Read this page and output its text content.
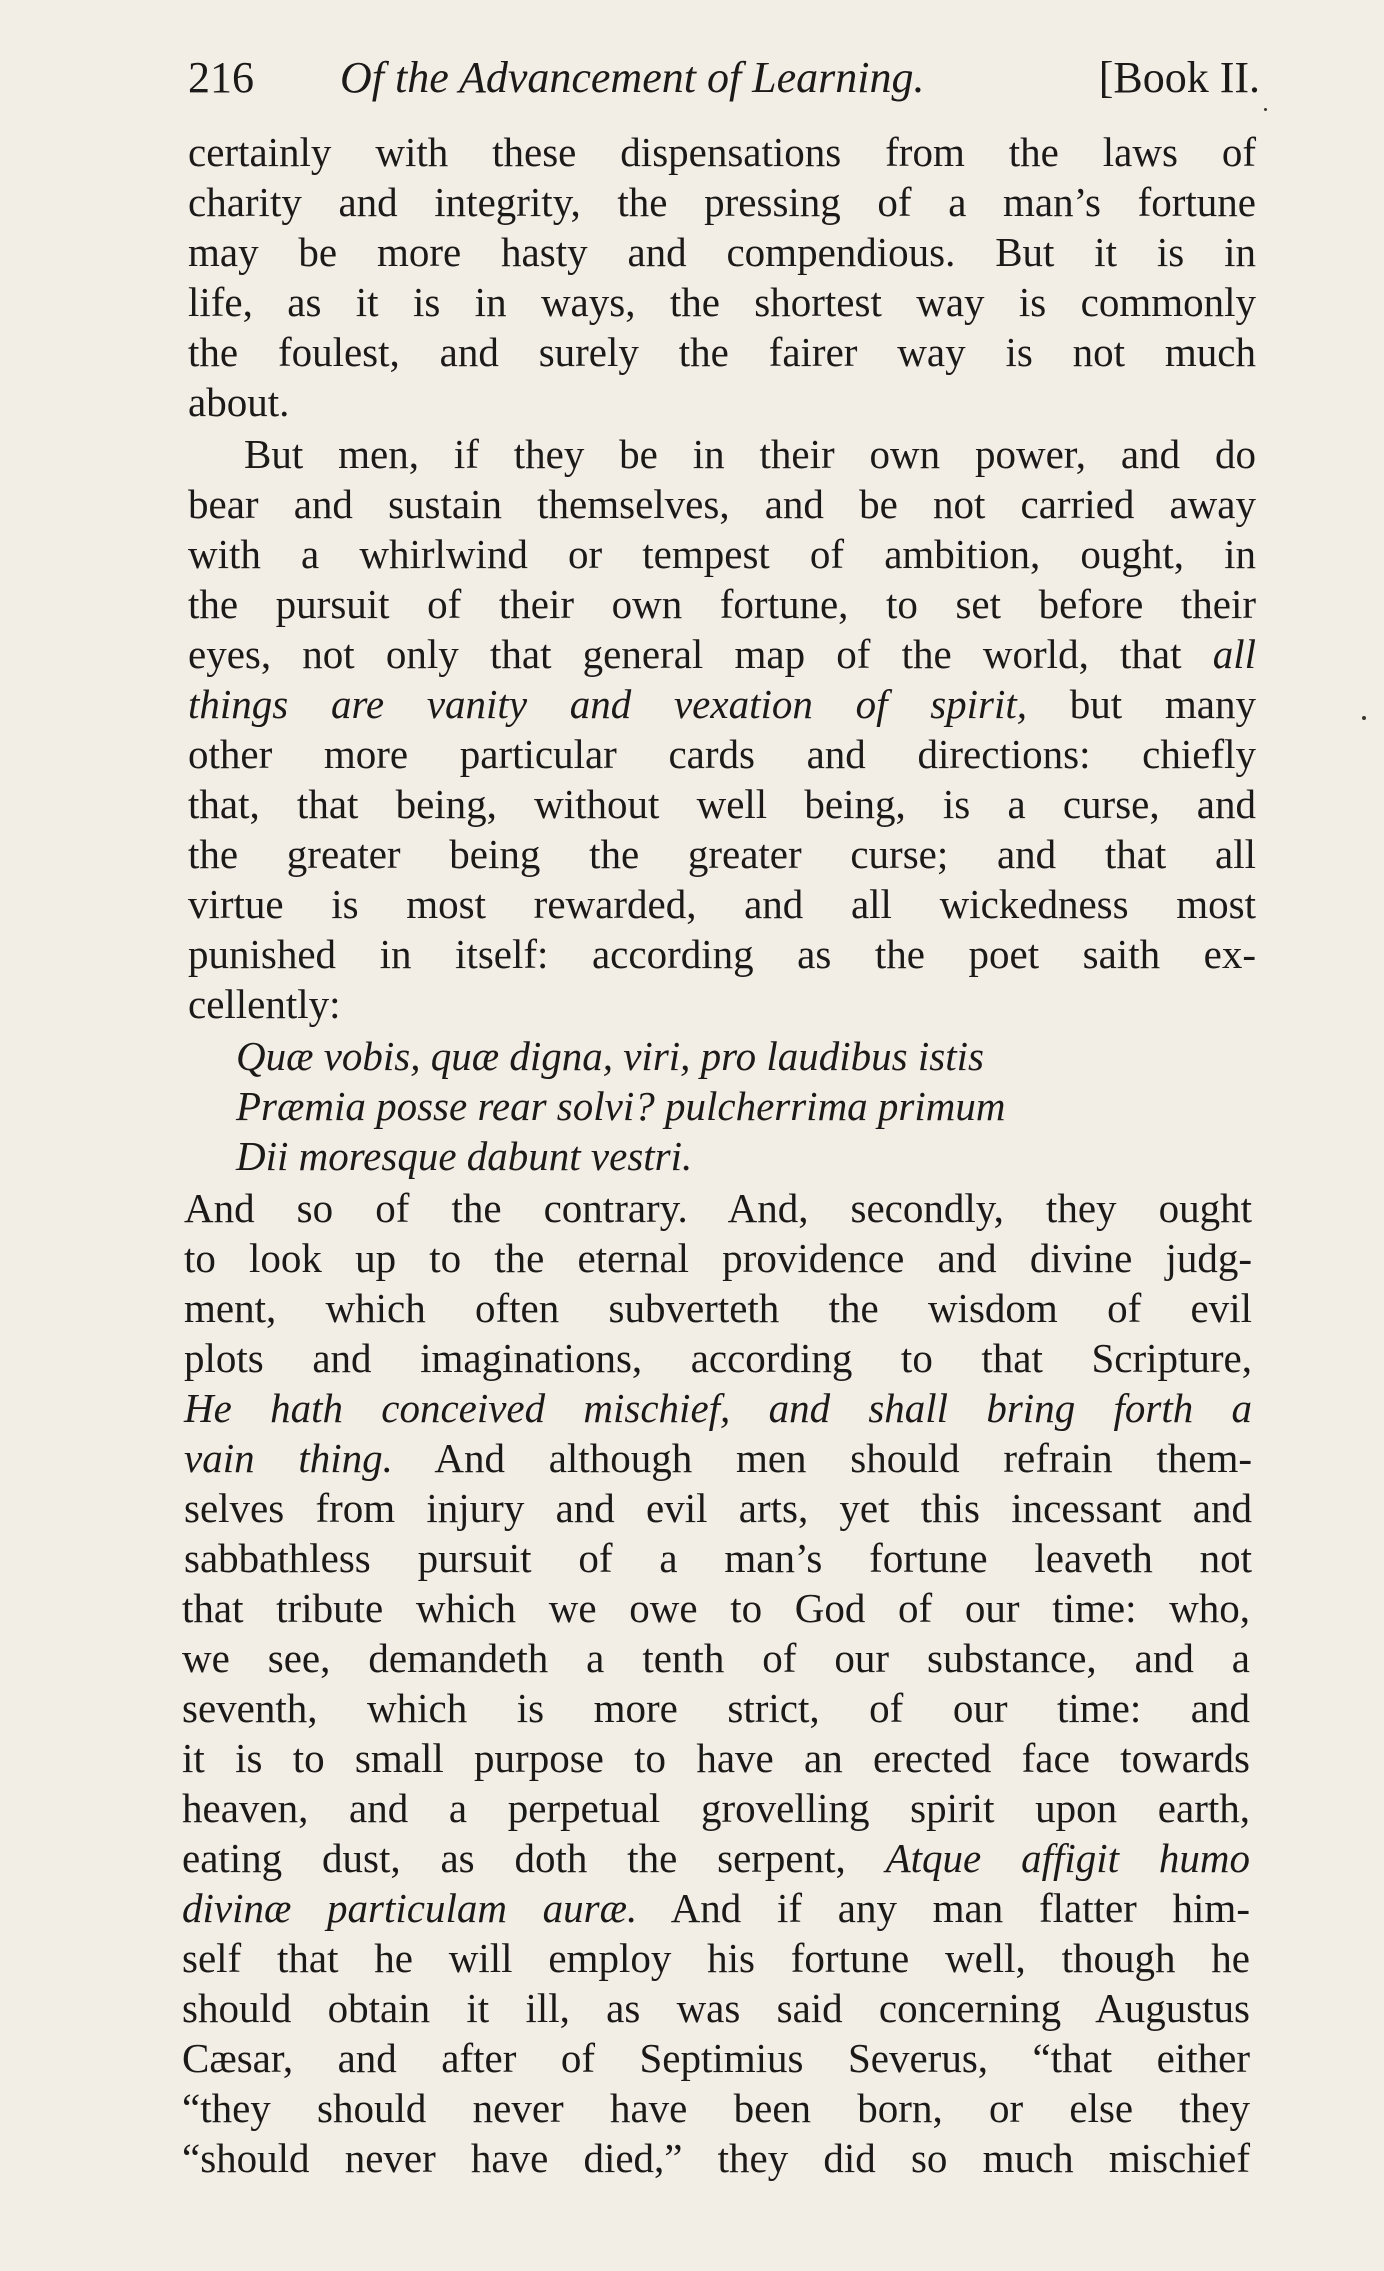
216 Of the Advancement of Learning.	[Book II.
certainly with these dispensations from the laws of
charity and integrity, the pressing of a man’s fortune
may be more hasty and compendious. But it is in
life, as it is in ways, the shortest way is commonly
the foulest, and surely the fairer way is not much
about.
But men, if they be in their own power, and do
bear and sustain themselves, and be not carried away
with a whirlwind or tempest of ambition, ought, in
the pursuit of their own fortune, to set before their
eyes, not only that general map of the world, that all
things are vanity and vexation of spirit, but many
other more particular cards and directions: chiefly
that, that being, without well being, is a curse, and
the greater being the greater curse; and that all
virtue is most rewarded, and all wickedness most
punished in itself: according as the poet saith ex-
cellently:
Quæ vobis, quæ digna, viri, pro laudibus istis
Præmia posse rear solvi? pulcherrima primum
Dii moresque dabunt vestri.
And so of the contrary. And, secondly, they ought
to look up to the eternal providence and divine judg-
ment, which often subverteth the wisdom of evil
plots and imaginations, according to that Scripture,
He hath conceived mischief, and shall bring forth a
vain thing. And although men should refrain them-
selves from injury and evil arts, yet this incessant and
sabbathless pursuit of a man’s fortune leaveth not
that tribute which we owe to God of our time: who,
we see, demandeth a tenth of our substance, and a
seventh, which is more strict, of our time: and
it is to small purpose to have an erected face towards
heaven, and a perpetual grovelling spirit upon earth,
eating dust, as doth the serpent, Atque affigit humo
divinæ particulam auræ. And if any man flatter him-
self that he will employ his fortune well, though he
should obtain it ill, as was said concerning Augustus
Cæsar, and after of Septimius Severus, “that either
“they should never have been born, or else they
“should never have died,” they did so much mischief
